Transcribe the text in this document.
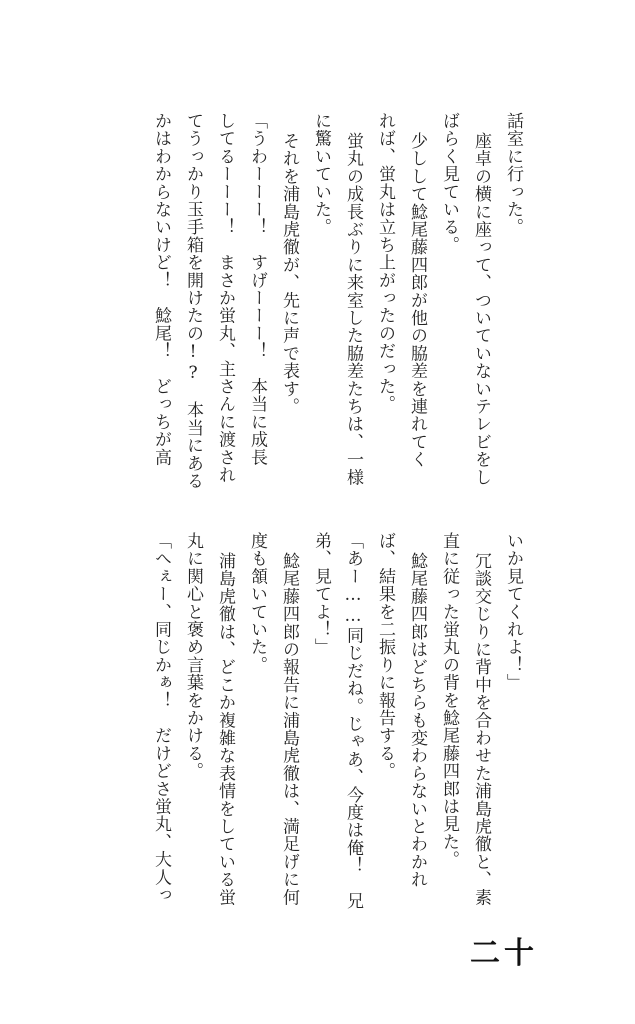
話室に行った。
座卓の横に座って、ついていないテレビをし
ばらく見ている。
少しして鯰尾藤四郎が他の脇差を連れてく
れば、蛍丸は立ち上がったのだった。
蛍丸の成長ぶりに来室した脇差たちは、一様
に驚いていた。
それを浦島虎徹が、先に声で表す。
「うわーーー！　すげーーー！　本当に成長
してるーーー！　まさか蛍丸、主さんに渡され
てうっかり玉手箱を開けたの!?　本当にある
かはわからないけど！　鯰尾！　どっちが高
いか見てくれよ！」
冗談交じりに背中を合わせた浦島虎徹と、素
直に従った蛍丸の背を鯰尾藤四郎は見た。
鯰尾藤四郎はどちらも変わらないとわかれ
ば、結果を二振りに報告する。
「あー……同じだね。じゃあ、今度は俺！　兄
弟、見てよ！」
鯰尾藤四郎の報告に浦島虎徹は、満足げに何
度も頷いていた。
浦島虎徹は、どこか複雑な表情をしている蛍
丸に関心と褒め言葉をかける。
「へぇー、同じかぁ！　だけどさ蛍丸、大人っ
二十
